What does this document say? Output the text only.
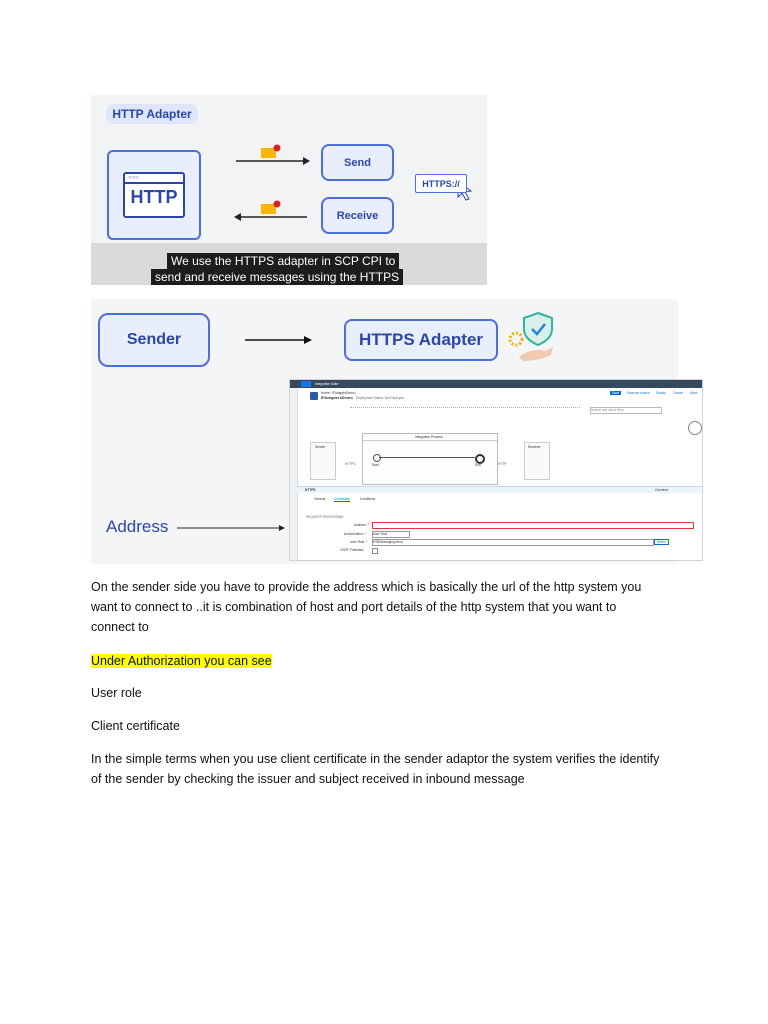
HTTP Adapter
○○○
HTTP
Send
Receive
HTTPS://
We use the HTTPS adapter in SCP CPI to
send and receive messages using the HTTPS
Sender	HTTPS Adapter
Address
Integration Suite
Home / IFAdapterDemo /
IFAdaptersDemo Deployment Status: Not Deployed
Save	Save as version Deploy Cancel More
Search and add a Step
Sender
Integration Process
Start	End
HTTPS	HTTP
Receiver
HTTPS	Overview
General	Connection	Conditions
REQUEST PROCESSING
Address: *
Authorization: *	User Role
User Role: *	ESBMessaging.send	Select
CSRF Protected:
On the sender side you have to provide the address which is basically the url of the http system you
want to connect to ..it is combination of host and port details of the http system that you want to
connect to
Under Authorization you can see
User role
Client certificate
In the simple terms when you use client certificate in the sender adaptor the system verifies the identify
of the sender by checking the issuer and subject received in inbound message
